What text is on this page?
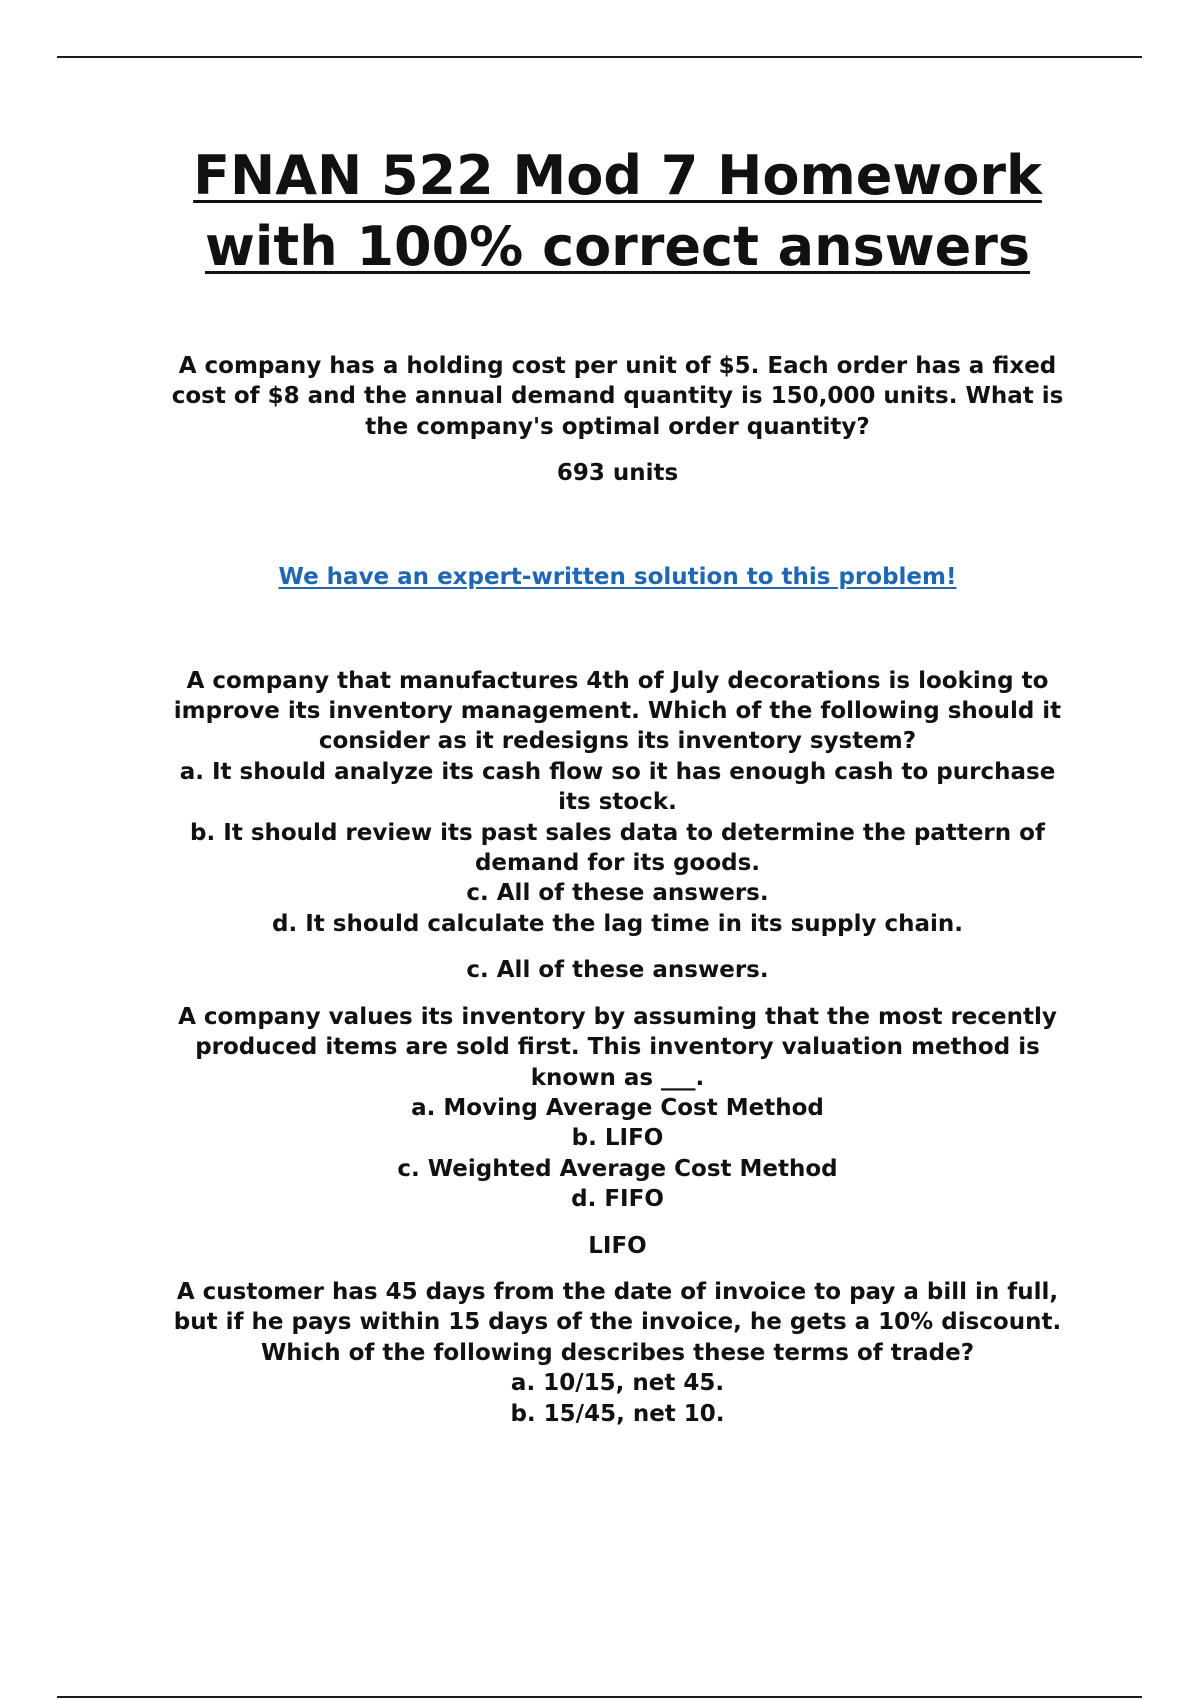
FNAN 522 Mod 7 Homework
with 100% correct answers
A company has a holding cost per unit of $5. Each order has a fixed
cost of $8 and the annual demand quantity is 150,000 units. What is
the company's optimal order quantity?
693 units
We have an expert-written solution to this problem!
A company that manufactures 4th of July decorations is looking to
improve its inventory management. Which of the following should it
consider as it redesigns its inventory system?
a. It should analyze its cash flow so it has enough cash to purchase
its stock.
b. It should review its past sales data to determine the pattern of
demand for its goods.
c. All of these answers.
d. It should calculate the lag time in its supply chain.
c. All of these answers.
A company values its inventory by assuming that the most recently
produced items are sold first. This inventory valuation method is
known as ___.
a. Moving Average Cost Method
b. LIFO
c. Weighted Average Cost Method
d. FIFO
LIFO
A customer has 45 days from the date of invoice to pay a bill in full,
but if he pays within 15 days of the invoice, he gets a 10% discount.
Which of the following describes these terms of trade?
a. 10/15, net 45.
b. 15/45, net 10.
